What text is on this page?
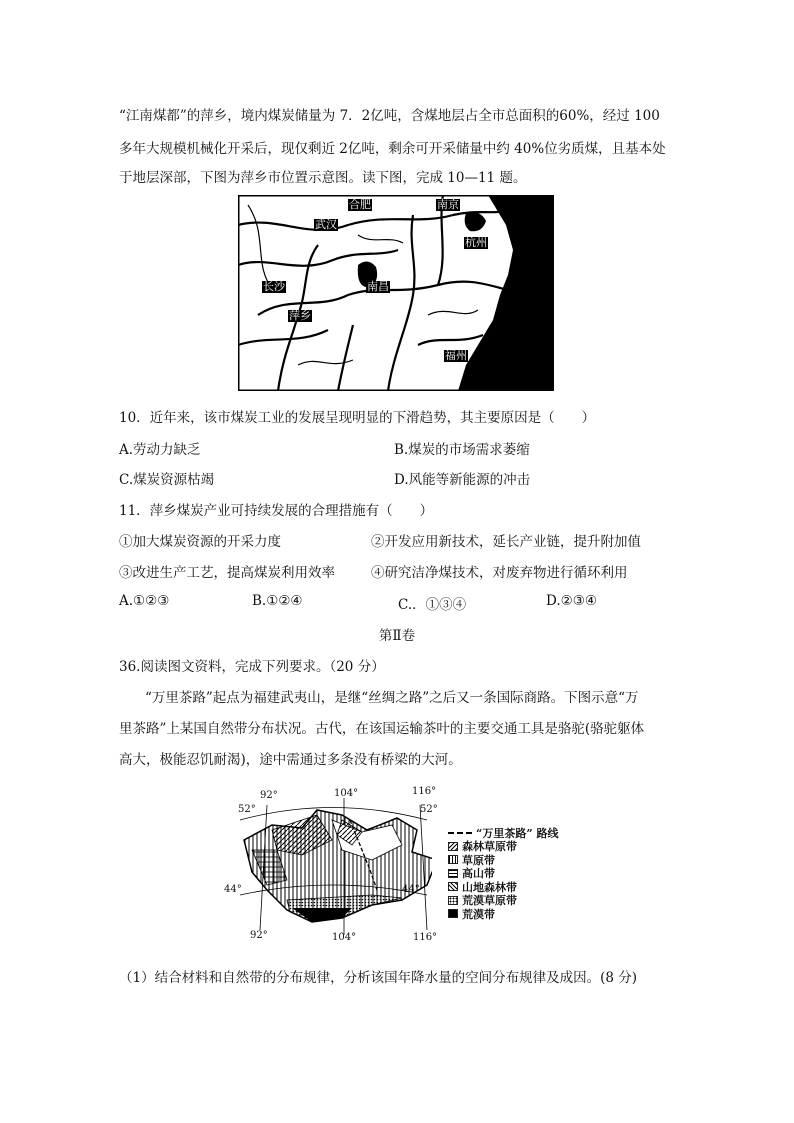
“江南煤都”的萍乡，境内煤炭储量为 7．2亿吨，含煤地层占全市总面积的60%，经过 100
多年大规模机械化开采后，现仅剩近 2亿吨，剩余可开采储量中约 40%位劣质煤，且基本处
于地层深部，下图为萍乡市位置示意图。读下图，完成 10—11 题。
合肥	南京
武汉
杭州
长沙	南昌
萍乡
福州
10．近年来，该市煤炭工业的发展呈现明显的下滑趋势，其主要原因是（　　）
A.劳动力缺乏	B.煤炭的市场需求萎缩
C.煤炭资源枯竭	D.风能等新能源的冲击
11．萍乡煤炭产业可持续发展的合理措施有（　　）
①加大煤炭资源的开采力度	②开发应用新技术，延长产业链，提升附加值
③改进生产工艺，提高煤炭利用效率	④研究洁净煤技术，对废弃物进行循环利用
A.①②③	B.①②④	C.．①③④	D.②③④
第Ⅱ卷
36.阅读图文资料，完成下列要求。（20 分）
“万里茶路”起点为福建武夷山，是继“丝绸之路”之后又一条国际商路。下图示意“万
里茶路”上某国自然带分布状况。古代，在该国运输茶叶的主要交通工具是骆驼(骆驼躯体
高大，极能忍饥耐渴)，途中需通过多条没有桥梁的大河。
92°	104°	116°
52°
44°	44°
92°	104°	116°
52°
“万里茶路” 路线
森林草原带
草原带
高山带
山地森林带
荒漠草原带
荒漠带
（1）结合材料和自然带的分布规律，分析该国年降水量的空间分布规律及成因。(8 分)
